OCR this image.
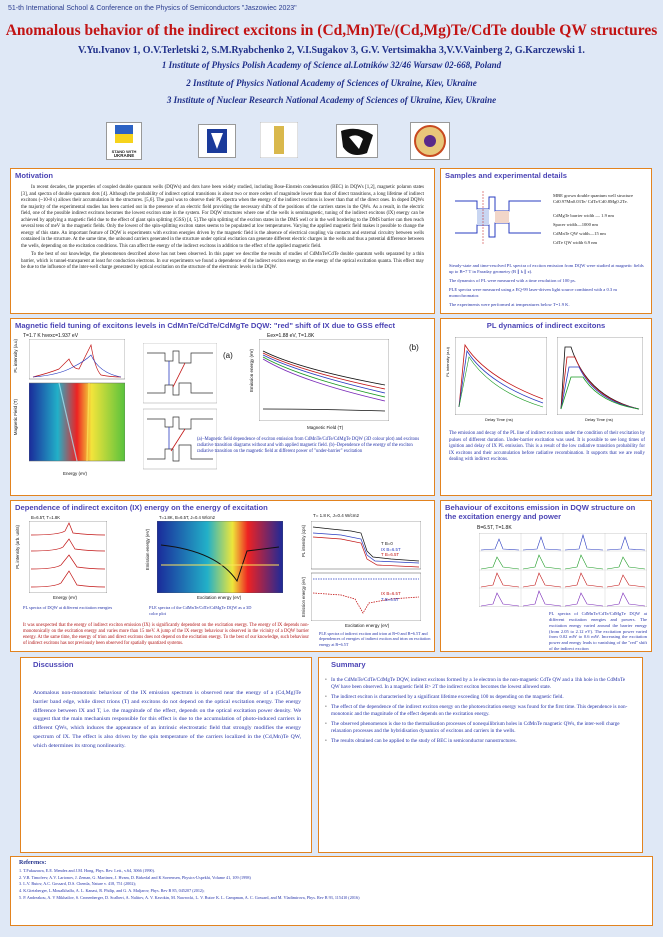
51-th International School & Conference on the Physics of Semiconductors "Jaszowiec 2023"
Anomalous behavior of the indirect excitons in (Cd,Mn)Te/(Cd,Mg)Te/CdTe double QW structures
V.Yu.Ivanov 1, O.V.Terletski 2, S.M.Ryabchenko 2, V.I.Sugakov 3, G.V. Vertsimakha 3,V.V.Vainberg 2, G.Karczewski 1.
1 Institute of Physics Polish Academy of Science al.Lotników 32/46 Warsaw 02-668, Poland
2 Institute of Physics National Academy of Sciences of Ukraine, Kiev, Ukraine
3 Institute of Nuclear Research National Academy of Sciences of Ukraine, Kiev, Ukraine
STAND WITH
UKRAINE
Motivation

In recent decades, the properties of coupled double quantum wells (DQWs) and dots have been widely studied, including Bose-Einstein condensation (BEC) in DQWs [1,2], magnetic polaron states [3], and spectra of double quantum dots [4]. Although the probability of indirect optical transitions is about two or more orders of magnitude lower than that of direct transitions, a long lifetime of indirect excitons (~10-8 s) allows their accumulation in the structures. [5,6]. The goal was to observe their PL spectra when the energy of the indirect excitons is lower than that of the direct ones. In doped DQWs the majority of the experimental studies has been carried out in the presence of an electric field providing the necessary shifts of the positions of the carriers states in the QWs. As a result, in the electric field, one of the possible indirect excitons becomes the lowest exciton state in the system. For DQW structures where one of the wells is semimagnetic, tuning of the indirect excitons (IX) energy can be achieved by applying a magnetic field due to the effect of giant spin splitting (GSS) [4, 5].The spin splitting of the exciton states in the DMS well or in the well bordering to the DMS barrier can then reach several tens of meV in the magnetic fields. Only the lowest of the spin-splitting exciton states seems to be populated at low temperatures. Varying the applied magnetic field makes it possible to change the energy of this state. An important feature of DQW is experiments with exciton energies driven by the magnetic field is the absence of electrical coupling via contacts and external circuitry between wells contained in the structure. At the same time, the unbound carriers generated in the structure under optical excitation can generate different electric charges in the wells and thus a potential difference between the wells, depending on the excitation conditions. This can affect the energy of the indirect excitons in addition to the effect of the applied magnetic field.

To the best of our knowledge, the phenomenon described above has not been observed. In this paper we describe the results of studies of CdMnTe/CdTe double quantum wells separated by a thin barrier, which is tunnel-transparent at least for conduction electrons. In our experiments we found a dependence of the indirect exciton energy on the energy of the optical excitation quanta. This effect may be due to the influence of the inter-well charge generated by optical excitation on the structure of the electronic levels in the DQW.

Samples and experimental details
MBE grown double quantum well structure Cd0.97Mn0.03Te/ CdTe/Cd0.8Mg0.2Te.
CdMgTe barrier width — 1.9 nm
Spacer width—1000 nm
CdMnTe QW width—15 nm
CdTe QW width 6.9 nm
Steady-state and time-resolved PL spectra of exciton emission from DQW were studied at magnetic fields up to B=7 T in Faraday geometry (B ∥ k ∥ z).
The dynamics of PL were measured with a time resolution of 100 ps.
PLE spectra were measured using a EQ-99 laser-driven light source combined with a 0.3 m monochromator.
The experiments were performed at temperatures below T=1.9 K.
Magnetic field tuning of excitons levels in CdMnTe/CdTe/CdMgTe DQW: "red" shift of IX due to GSS effect
T=1.7 K hνexc=1.937 eV
PL intensity (a.u)
Magnetic Field (T)
Energy (eV)
(a)
Eex=1.88 eV, T=1.8K
Emission energy (eV)
Magnetic Field (T)
(b)
(a)–Magnetic field dependence of exciton emission from CdMnTe/CdTe/CdMgTe DQW (3D colour plot) and excitons radiative transition diagrams without and with applied magnetic field. (b)–Dependence of the energy of the exciton radiative transition on the magnetic field at different power of "under-barrier" excitation
PL dynamics of indirect excitons
PL intensity (a.u)
Delay Time (ns)	Delay Time (ns)
The emission and decay of the PL line of indirect excitons under the condition of their excitation by pulses of different duration. Under-barrier excitation was used. It is possible to see long times of ignition and delay of IX PL emission. This is a result of the low radiative transition probability for IX excitons and their accumulation before radiative recombination. It supports that we are really dealing with indirect excitons.
Dependence of indirect exciton (IX) energy on the energy of excitation
B=6.5T, T=1.8K
PL intensity (arb. units)
Energy (eV)
PL spectra of DQW at different excitation energies
T=1.8K, B=6.5T, J=0.4 W/cm2
Emission energy (eV)
Excitation energy (eV)
PLE spectra of the CdMnTe/CdTe/CdMgTe DQW as a 3D color plot
T= 1.8 K, J=0.4 W/cm2
PL intensity (cps)
Emission energy (eV)
T B=0
IX B=6.5T
T B=6.5T
IX B=6.5T
T B=6.5T
Excitation energy (eV)
PLE spectra of indirect exciton and trion at B=0 and B=6.5T and dependences of energies of indirect exciton and trion on excitation energy at B=6.5T
It was unexpected that the energy of indirect exciton emission (IX) is significantly dependent on the excitation energy. The energy of IX depends non-monotonically on the excitation energy and varies more than 15 meV. A jump of the IX energy behaviour is observed in the vicinity of a DQW barrier energy. At the same time, the energy of trion and direct excitons does not depend on the excitation energy. To the best of our knowledge, such behaviour of indirect excitons has not previously been observed for spatially quantized systems.
Behaviour of excitons emission in DQW structure on the excitation energy and power
B=6.5T, T=1.8K
PL spectra of CdMnTe/CdTe/CdMgTe DQW at different excitation energies and powers. The excitation energy varied around the barrier energy (from 2.05 to 2.12 eV). The excitation power varied from 0.02 mW to 0.6 mW. Increasing the excitation power and energy leads to vanishing of the "red" shift of the indirect exciton
Discussion
Anomalous non-monotonic behaviour of the IX emission spectrum is observed near the energy of a (Cd,Mg)Te barrier band edge, while direct trions (T) and excitons do not depend on the optical excitation energy. The energy difference between IX and T, i.e. the magnitude of the effect, depends on the optical excitation power density. We suggest that the main mechanism responsible for this effect is due to the accumulation of photo-induced carriers in different QWs, which induces the appearance of an intrinsic electrostatic field that strongly modifies the energy spectrum of IX. The effect is also driven by the spin temperature of the carriers localized in the (Cd,Mn)Te QW, which determines its strong nonlinearity.
Summary
• In the CdMnTe/CdTe/CdMgTe DQW, indirect excitons formed by a 1e electron in the non-magnetic CdTe QW and a 1hh hole in the CdMnTe QW have been observed. In a magnetic field B> 2T the indirect exciton becomes the lowest allowed state.
• The indirect exciton is characterised by a significant lifetime exceeding 100 ns depending on the magnetic field.
• The effect of the dependence of the indirect exciton energy on the photoexcitation energy was found for the first time. This dependence is non-monotonic and the magnitude of the effect depends on the excitation energy.
• The observed phenomenon is due to the thermalisation processes of nonequilibrium holes in CdMnTe magnetic QWs, the inter-well charge relaxation processes and the hybridisation dynamics of excitons and carriers in the wells.
• The results obtained can be applied to the study of BEC in semiconductor nanostructures.
Referencs:
1. T.Fukuzawa, E.E. Mendez and J.M. Hong, Phys. Rev. Lett., v.64, 3066 (1990).
2. V.B. Timofeev, A.V. Larionov, J. Zeman, G. Martinez, J. Hvam, D. Birkedal and K Soerensen, Physics-Uspekhi, Volume 41, 109 (1998)
3. L.V. Butov, A.C. Gossard, D.S. Chemla, Nature v. 418, 751 (2002);
4. K.Gietzberger, L.Moualkhalfa, A. L. Kanasi, R. Philip, and G. A. Maljarov, Phys. Rev B 85, 045207 (2012);
5. P. Andreakou, A. V Mikhailov, S. Cronenberger, D. Scalbert, A. Nalitov, A. V. Kavokin, M. Nawrocki, L. V. Butov K. L. Campman, A. C. Gossard, and M. Vladimirova, Phys. Rev B 93, 115410 (2016)
